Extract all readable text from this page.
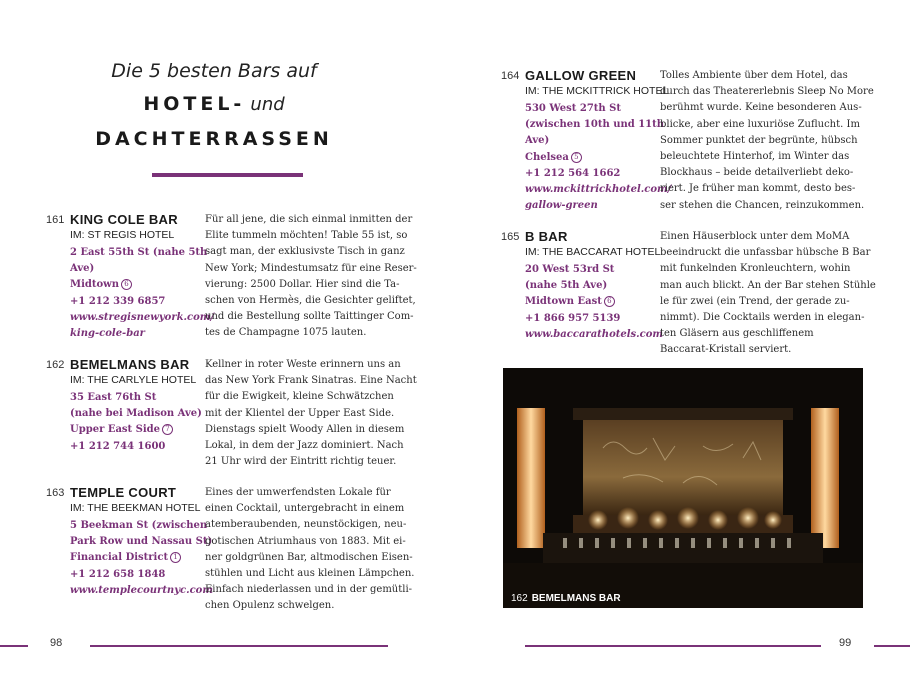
Die 5 besten Bars auf
HOTEL- und
DACHTERRASSEN
161 KING COLE BAR
IM: ST REGIS HOTEL
2 East 55th St (nahe 5th
Ave)
Midtown 6
+1 212 339 6857
www.stregisnewyork.com/
king-cole-bar
Für all jene, die sich einmal inmitten der
Elite tummeln möchten! Table 55 ist, so
sagt man, der exklusivste Tisch in ganz
New York; Mindestumsatz für eine Reser-
vierung: 2500 Dollar. Hier sind die Ta-
schen von Hermès, die Gesichter geliftet,
und die Bestellung sollte Taittinger Com-
tes de Champagne 1075 lauten.
162 BEMELMANS BAR
IM: THE CARLYLE HOTEL
35 East 76th St
(nahe bei Madison Ave)
Upper East Side 7
+1 212 744 1600
Kellner in roter Weste erinnern uns an
das New York Frank Sinatras. Eine Nacht
für die Ewigkeit, kleine Schwätzchen
mit der Klientel der Upper East Side.
Dienstags spielt Woody Allen in diesem
Lokal, in dem der Jazz dominiert. Nach
21 Uhr wird der Eintritt richtig teuer.
163 TEMPLE COURT
IM: THE BEEKMAN HOTEL
5 Beekman St (zwischen
Park Row und Nassau St)
Financial District 1
+1 212 658 1848
www.templecourtnyc.com
Eines der umwerfendsten Lokale für
einen Cocktail, untergebracht in einem
atemberaubenden, neunstöckigen, neu-
gotischen Atriumhaus von 1883. Mit ei-
ner goldgrünen Bar, altmodischen Eisen-
stühlen und Licht aus kleinen Lämpchen.
Einfach niederlassen und in der gemütli-
chen Opulenz schwelgen.
98
164 GALLOW GREEN
IM: THE MCKITTRICK HOTEL
530 West 27th St
(zwischen 10th und 11th
Ave)
Chelsea 5
+1 212 564 1662
www.mckittrickhotel.com/
gallow-green
Tolles Ambiente über dem Hotel, das
durch das Theatererlebnis Sleep No More
berühmt wurde. Keine besonderen Aus-
blicke, aber eine luxuriöse Zuflucht. Im
Sommer punktet der begrünte, hübsch
beleuchtete Hinterhof, im Winter das
Blockhaus – beide detailverliebt deko-
riert. Je früher man kommt, desto bes-
ser stehen die Chancen, reinzukommen.
165 B BAR
IM: THE BACCARAT HOTEL
20 West 53rd St
(nahe 5th Ave)
Midtown East 6
+1 866 957 5139
www.baccarathotels.com
Einen Häuserblock unter dem MoMA
beeindruckt die unfassbar hübsche B Bar
mit funkelnden Kronleuchtern, wohin
man auch blickt. An der Bar stehen Stühle
le für zwei (ein Trend, der gerade zu-
nimmt). Die Cocktails werden in elegan-
ten Gläsern aus geschliffenem
Baccarat-Kristall serviert.
162 BEMELMANS BAR
99
